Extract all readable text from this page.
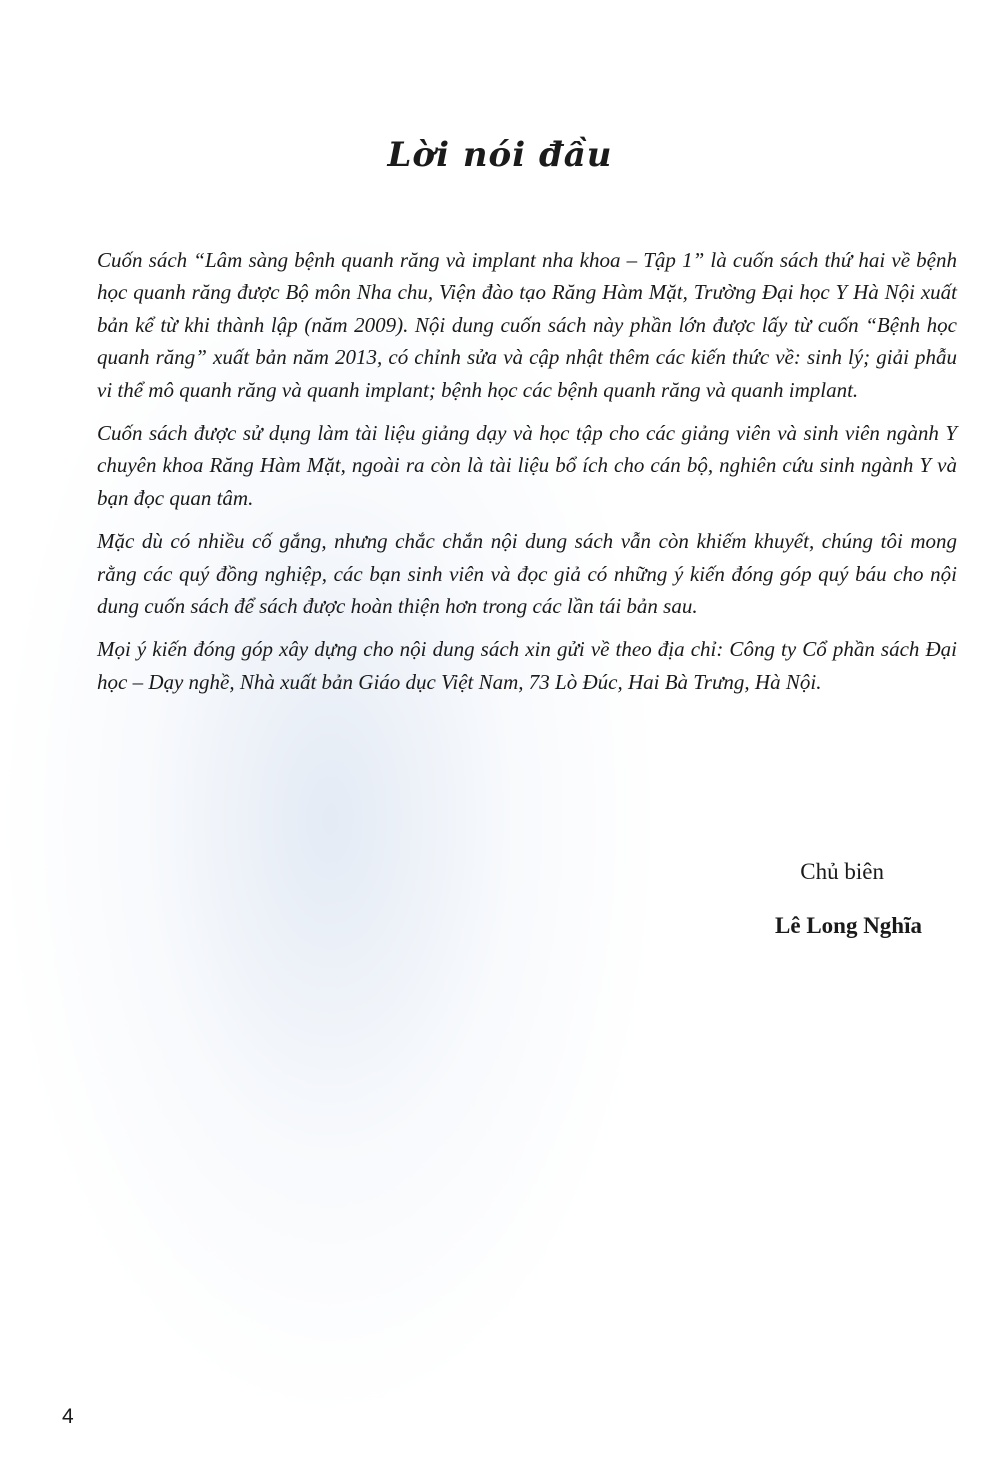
Lời nói đầu

Cuốn sách “Lâm sàng bệnh quanh răng và implant nha khoa – Tập 1” là cuốn sách thứ hai về bệnh học quanh răng được Bộ môn Nha chu, Viện đào tạo Răng Hàm Mặt, Trường Đại học Y Hà Nội xuất bản kể từ khi thành lập (năm 2009). Nội dung cuốn sách này phần lớn được lấy từ cuốn “Bệnh học quanh răng” xuất bản năm 2013, có chỉnh sửa và cập nhật thêm các kiến thức về: sinh lý; giải phẫu vi thể mô quanh răng và quanh implant; bệnh học các bệnh quanh răng và quanh implant.

Cuốn sách được sử dụng làm tài liệu giảng dạy và học tập cho các giảng viên và sinh viên ngành Y chuyên khoa Răng Hàm Mặt, ngoài ra còn là tài liệu bổ ích cho cán bộ, nghiên cứu sinh ngành Y và bạn đọc quan tâm.

Mặc dù có nhiều cố gắng, nhưng chắc chắn nội dung sách vẫn còn khiếm khuyết, chúng tôi mong rằng các quý đồng nghiệp, các bạn sinh viên và đọc giả có những ý kiến đóng góp quý báu cho nội dung cuốn sách để sách được hoàn thiện hơn trong các lần tái bản sau.

Mọi ý kiến đóng góp xây dựng cho nội dung sách xin gửi về theo địa chỉ: Công ty Cổ phần sách Đại học – Dạy nghề, Nhà xuất bản Giáo dục Việt Nam, 73 Lò Đúc, Hai Bà Trưng, Hà Nội.

Chủ biên
Lê Long Nghĩa
4
